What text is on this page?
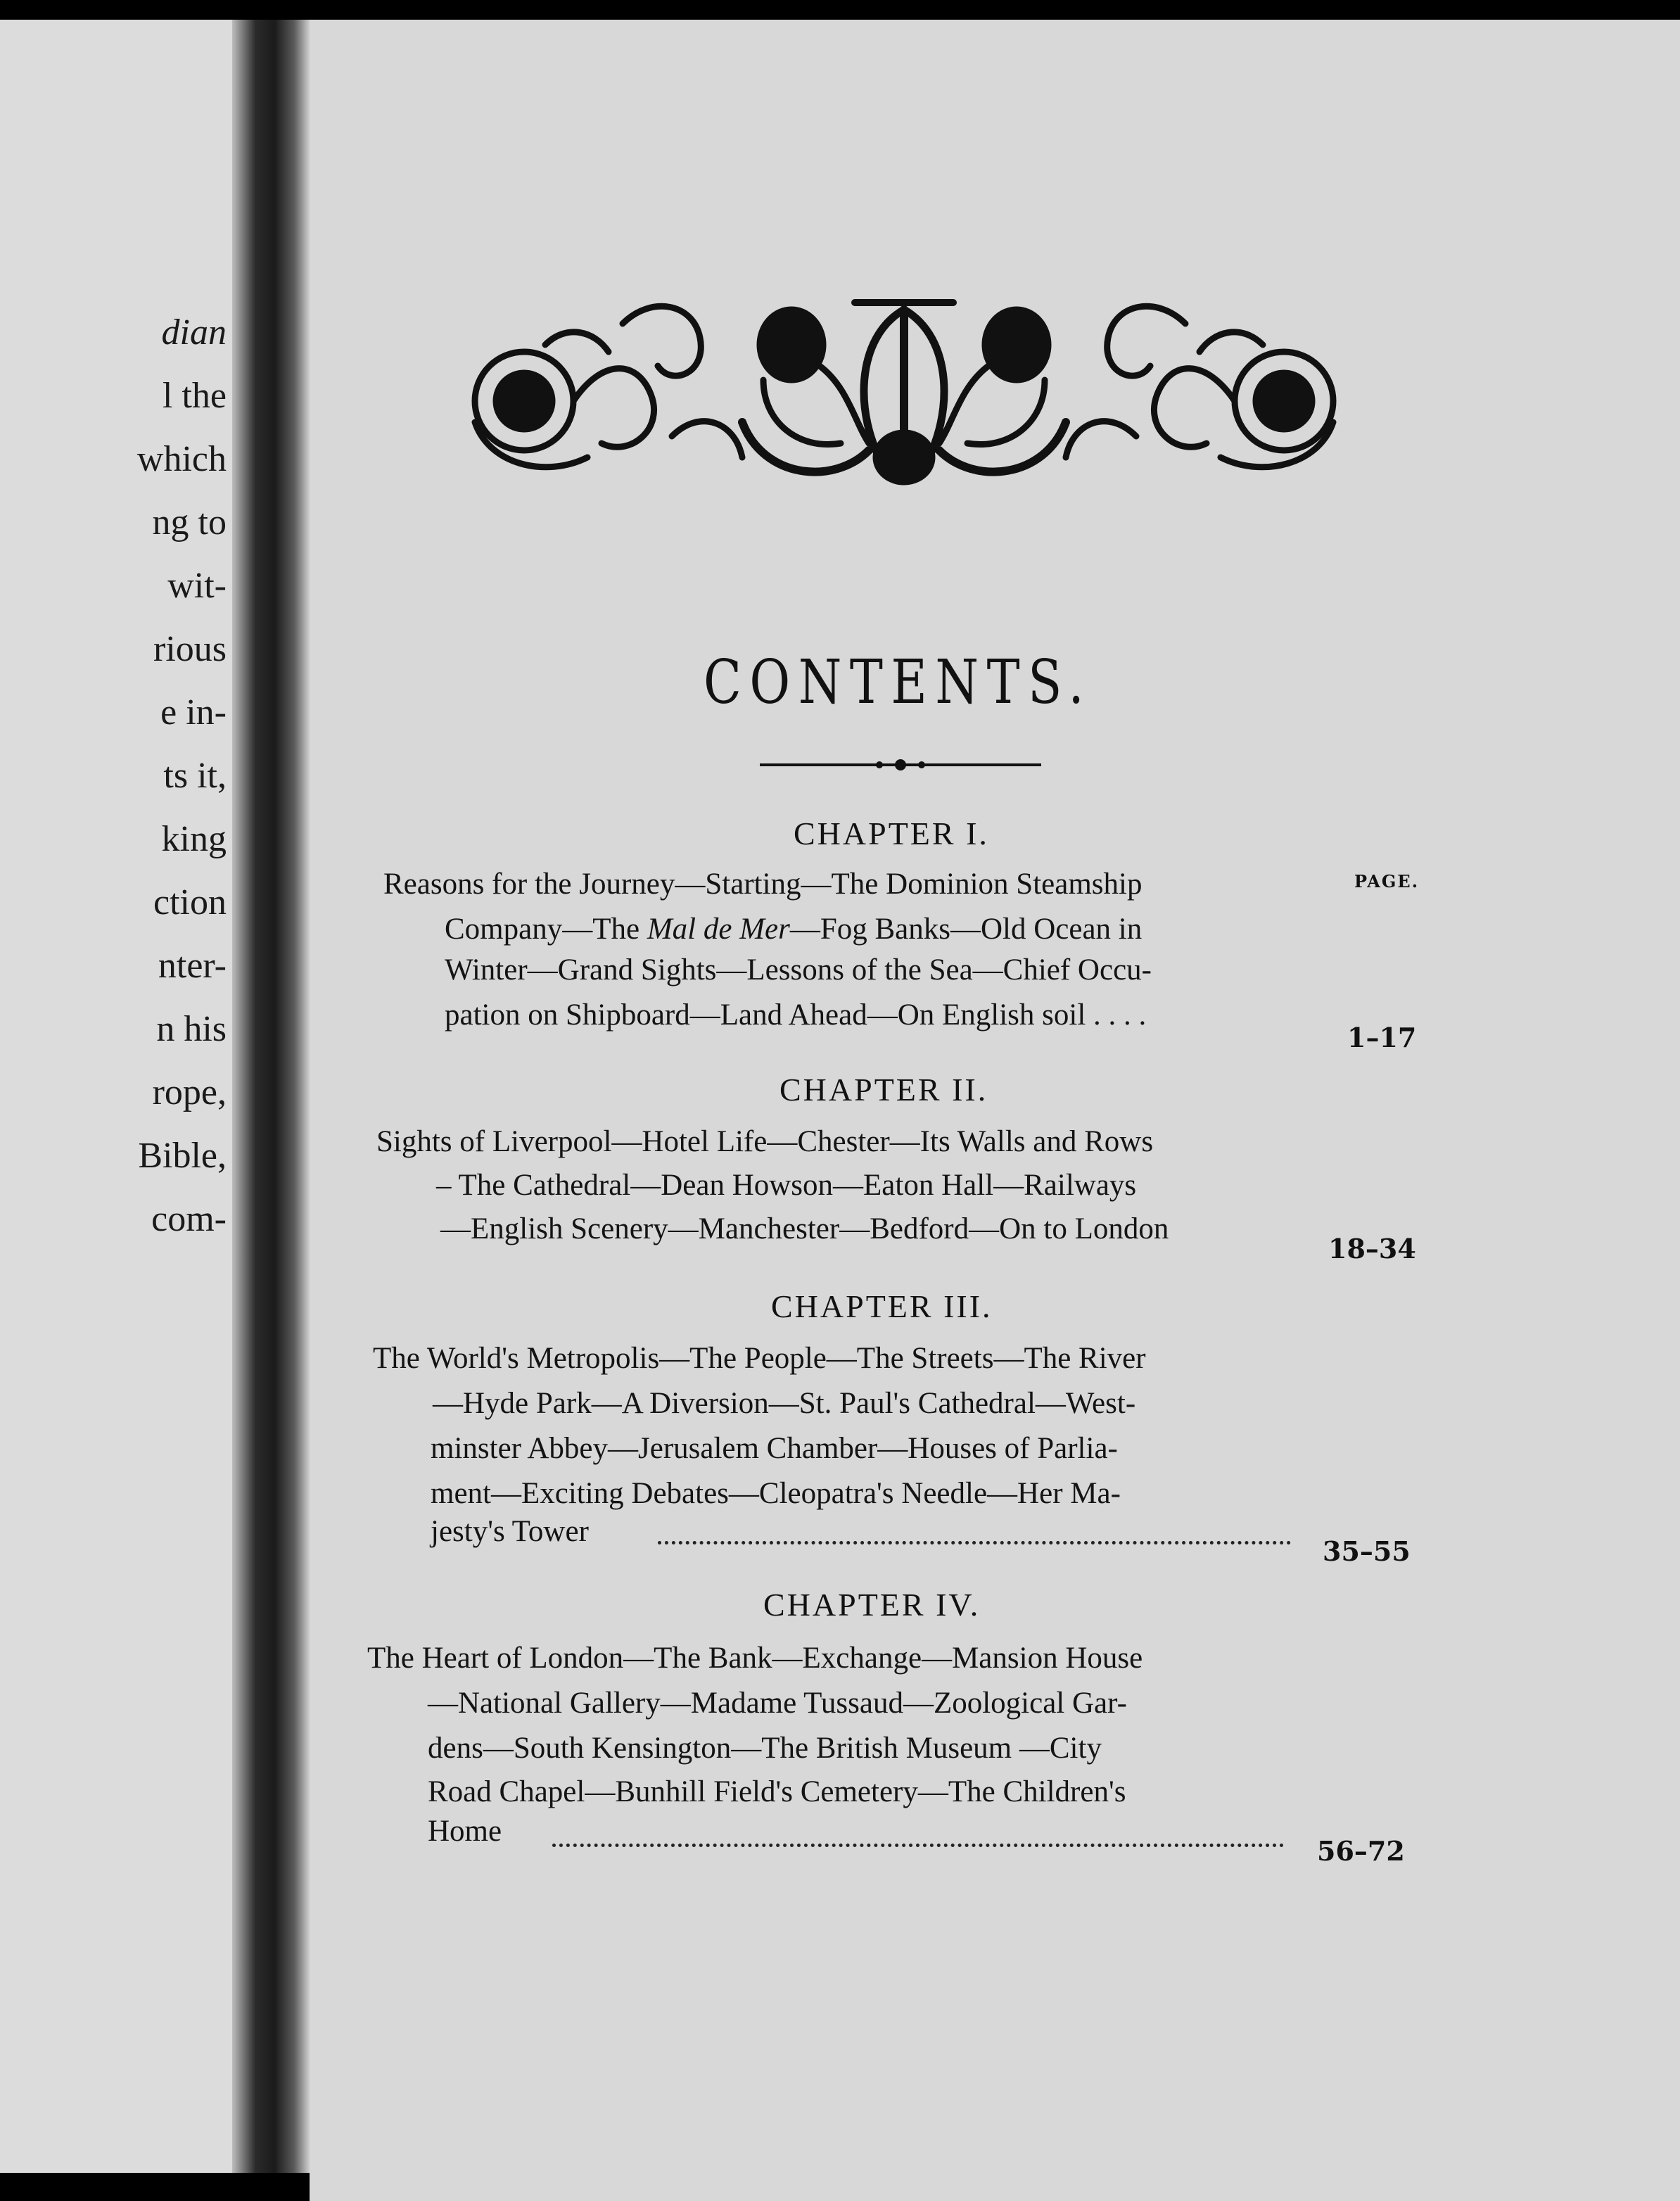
dian
l the
which
ng to
wit-
rious
e in-
ts it,
king
ction
nter-
n his
rope,
Bible,
com-
CONTENTS.
PAGE.
CHAPTER I.
Reasons for the Journey—Starting—The Dominion Steamship
Company—The Mal de Mer—Fog Banks—Old Ocean in
Winter—Grand Sights—Lessons of the Sea—Chief Occu-
pation on Shipboard—Land Ahead—On English soil . . . .
1–17
CHAPTER II.
Sights of Liverpool—Hotel Life—Chester—Its Walls and Rows
– The Cathedral—Dean Howson—Eaton Hall—Railways
—English Scenery—Manchester—Bedford—On to London
18–34
CHAPTER III.
The World's Metropolis—The People—The Streets—The River
—Hyde Park—A Diversion—St. Paul's Cathedral—West-
minster Abbey—Jerusalem Chamber—Houses of Parlia-
ment—Exciting Debates—Cleopatra's Needle—Her Ma-
jesty's Tower
35–55
CHAPTER IV.
The Heart of London—The Bank—Exchange—Mansion House
—National Gallery—Madame Tussaud—Zoological Gar-
dens—South Kensington—The British Museum —City
Road Chapel—Bunhill Field's Cemetery—The Children's
Home
56–72
